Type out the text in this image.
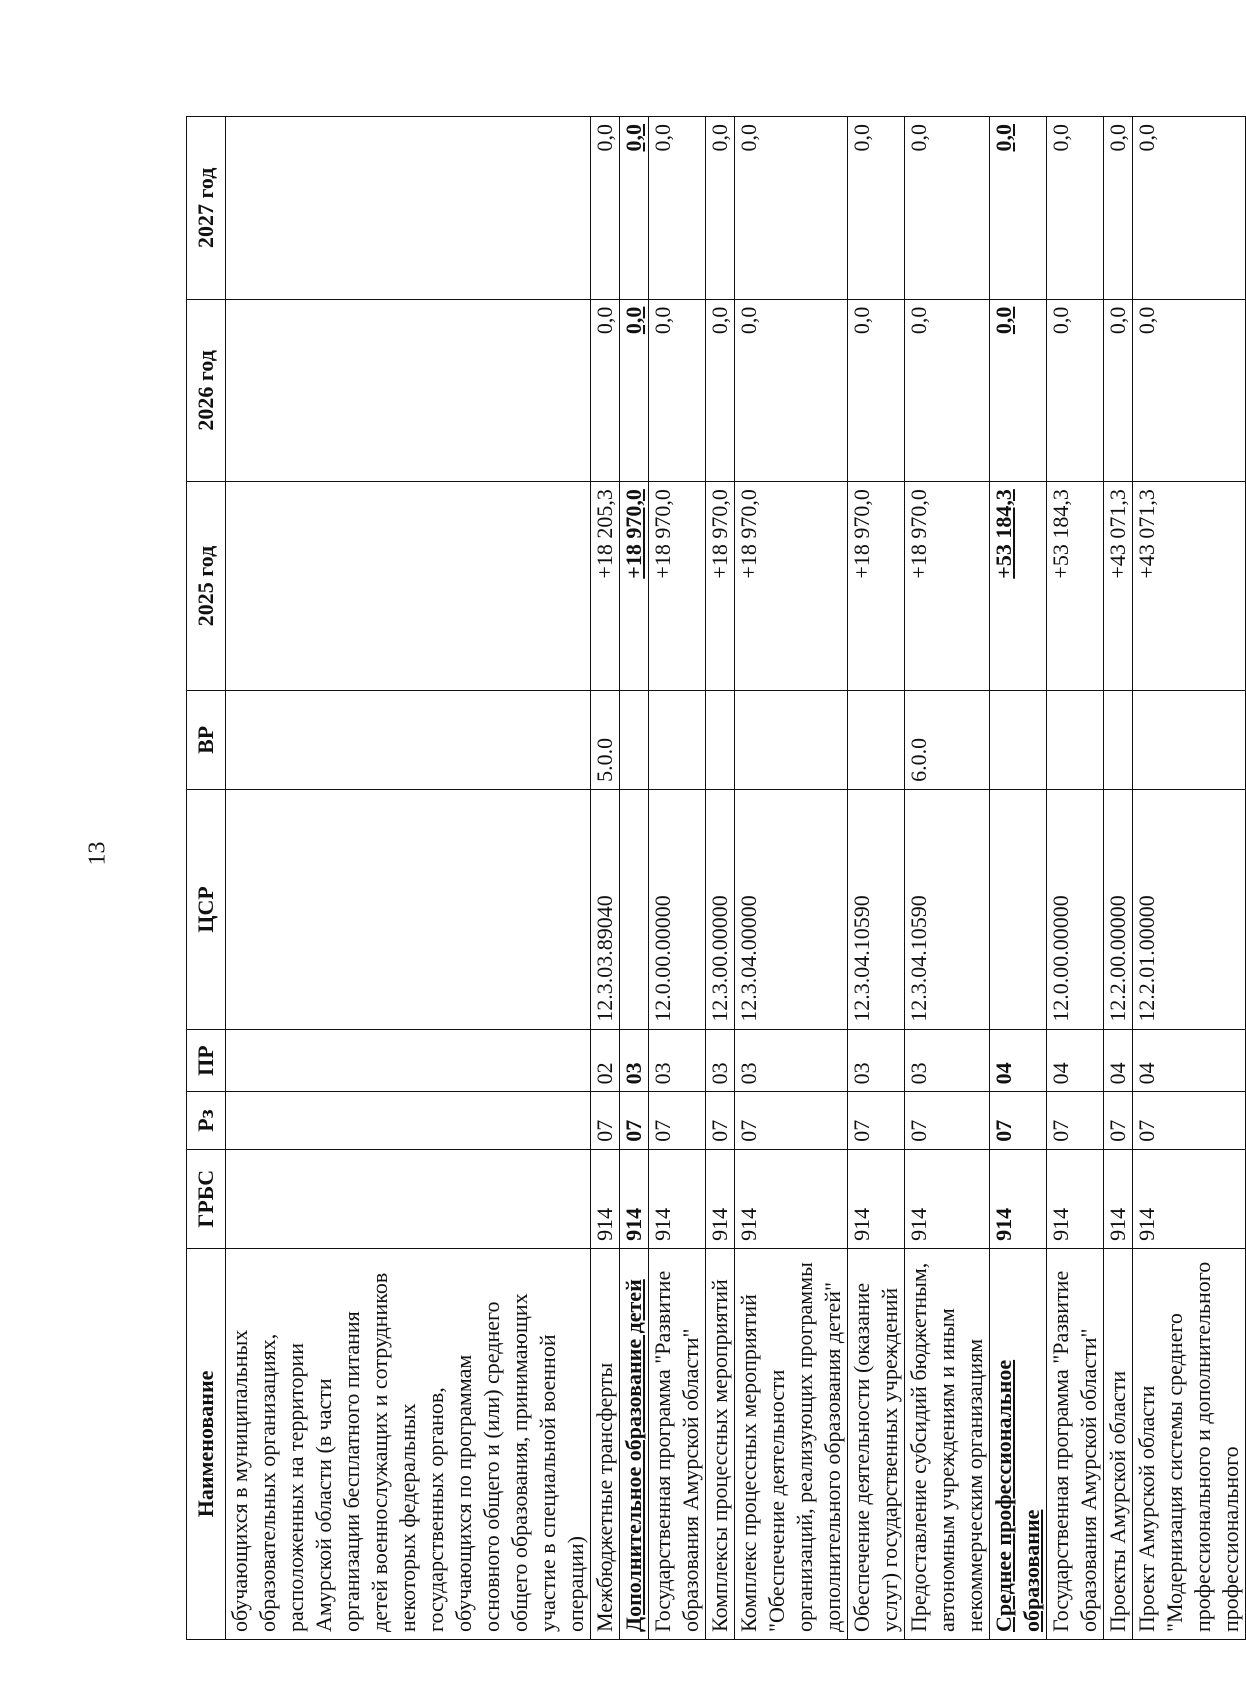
13
Наименование	ГРБС	Рз	ПР	ЦСР	ВР	2025 год	2026 год	2027 год
обучающихся в муниципальных образовательных организациях, расположенных на территории Амурской области (в части организации бесплатного питания детей военнослужащих и сотрудников некоторых федеральных государственных органов, обучающихся по программам основного общего и (или) среднего общего образования, принимающих участие в специальной военной операции)								
Межбюджетные трансферты	914	07	02	12.3.03.89040	5.0.0	+18 205,3	0,0	0,0
Дополнительное образование детей	914	07	03			+18 970,0	0,0	0,0
Государственная программа "Развитие образования Амурской области"	914	07	03	12.0.00.00000		+18 970,0	0,0	0,0
Комплексы процессных мероприятий	914	07	03	12.3.00.00000		+18 970,0	0,0	0,0
Комплекс процессных мероприятий "Обеспечение деятельности организаций, реализующих программы дополнительного образования детей"	914	07	03	12.3.04.00000		+18 970,0	0,0	0,0
Обеспечение деятельности (оказание услуг) государственных учреждений	914	07	03	12.3.04.10590		+18 970,0	0,0	0,0
Предоставление субсидий бюджетным, автономным учреждениям и иным некоммерческим организациям	914	07	03	12.3.04.10590	6.0.0	+18 970,0	0,0	0,0
Среднее профессиональное образование	914	07	04			+53 184,3	0,0	0,0
Государственная программа "Развитие образования Амурской области"	914	07	04	12.0.00.00000		+53 184,3	0,0	0,0
Проекты Амурской области	914	07	04	12.2.00.00000		+43 071,3	0,0	0,0
Проект Амурской области "Модернизация системы среднего профессионального и дополнительного профессионального	914	07	04	12.2.01.00000		+43 071,3	0,0	0,0
